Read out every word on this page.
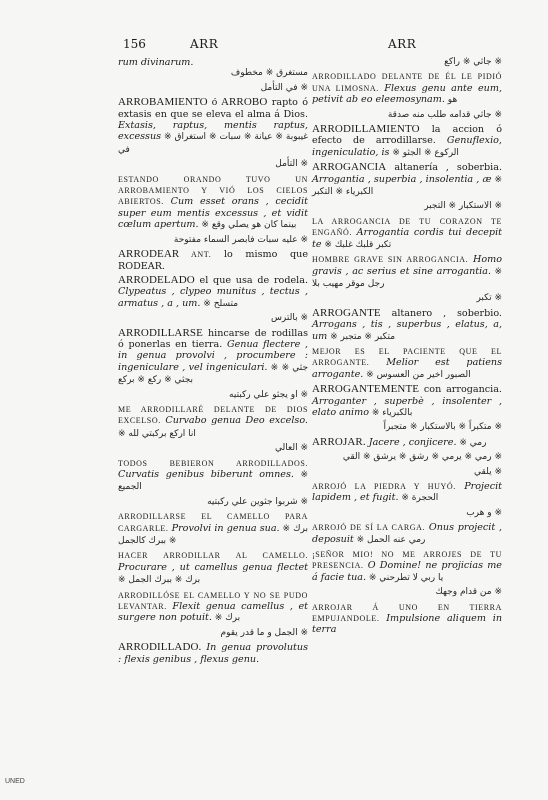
156	ARR	ARR
rum divinarum.
مستغرق ※ مخطوف
※ في التأمل
ARROBAMIENTO ó ARROBO rapto ó extasis en que se eleva el alma á Dios. Extasis, raptus, mentis raptus, excessus ※ غيبوبة ※ عيانة ※ سبات ※ استغراق في
※ التأمل
ESTANDO ORANDO TUVO UN ARROBAMIENTO Y VIÓ LOS CIELOS ABIERTOS. Cum esset orans , cecidit super eum mentis excessus , et vidit cœlum apertum. ※ بينما كان هو يصلي وقع
※ عليه سبات فابصر السماء مفتوحة
ARRODEAR ANT. lo mismo que RODEAR.
ARRODELADO el que usa de rodela. Clypeatus , clypeo munitus , tectus , armatus , a , um. ※ متسلح
※ بالترس
ARRODILLARSE hincarse de rodillas ó ponerlas en tierra. Genua flectere , in genua provolvi , procumbere : ingeniculare , vel ingeniculari. ※ جثي ※ بجثي ※ ركع ※ بركع
※ او يجثو علي ركبتيه
ME ARRODILLARÉ DELANTE DE DIOS EXCELSO. Curvabo genua Deo excelso. ※ انا اركع بركبتي لله
※ العالي
TODOS BEBIERON ARRODILLADOS. Curvatis genibus biberunt omnes. ※ الجميع
※ شربوا جثوين علي ركبتيه
ARRODILLARSE EL CAMELLO PARA CARGARLE. Provolvi in genua sua. ※ برك ※ ببرك كالجمل
HACER ARRODILLAR AL CAMELLO. Procurare , ut camellus genua flectet ※ برك ※ ببرك الجمل
ARRODILLÓSE EL CAMELLO Y NO SE PUDO LEVANTAR. Flexit genua camellus , et surgere non potuit. ※ برك
※ الجمل و ما قدر يقوم
ARRODILLADO. In genua provolutus : flexis genibus , flexus genu.
※ جاثي ※ راكع
ARRODILLADO DELANTE DE ÉL LE PIDIÓ UNA LIMOSNA. Flexus genu ante eum, petivit ab eo eleemosynam. هو
※ جاثي قدامه طلب منه صدقة
ARRODILLAMIENTO la accion ó efecto de arrodillarse. Genuflexio, ingeniculatio, is ※ الركوع ※ الجثو
ARROGANCIA altanería , soberbia. Arrogantia , superbia , insolentia , æ ※ الكبرياء ※ التكبر
※ الاستكبار ※ التجبر
LA ARROGANCIA DE TU CORAZON TE ENGAÑÓ. Arrogantia cordis tui decepit te ※ تكبر قلبك غلبك
HOMBRE GRAVE SIN ARROGANCIA. Homo gravis , ac serius et sine arrogantia. ※ رجل موقر مهيب بلا
※ تكبر
ARROGANTE altanero , soberbio. Arrogans , tis , superbus , elatus, a, um ※ متكبر ※ متجبر
MEJOR ES EL PACIENTE QUE EL ARROGANTE. Melior est patiens arrogante. ※ الصبور اخير من العسوس
ARROGANTEMENTE con arrogancia. Arroganter , superbè , insolenter , elato animo ※ بالكبرياء
※ متكبراً ※ بالاستكبار ※ متجبراً
ARROJAR. Jacere , conjicere. ※ رمي
※ رمي ※ يرمي ※ رشق ※ يرشق ※ القي
※ يلقي
ARROJÓ LA PIEDRA Y HUYÓ. Projecit lapidem , et fugit. ※ الحجرة
※ و هرب
ARROJÓ DE SÍ LA CARGA. Onus projecit , deposuit ※ رمي عنه الحمل
¡SEÑOR MIO! NO ME ARROJES DE TU PRESENCIA. O Domine! ne projicias me á facie tua. ※ يا ربي لا تطرحني
※ من قدام وجهك
ARROJAR Á UNO EN TIERRA EMPUJANDOLE. Impulsione aliquem in terra
UNED
